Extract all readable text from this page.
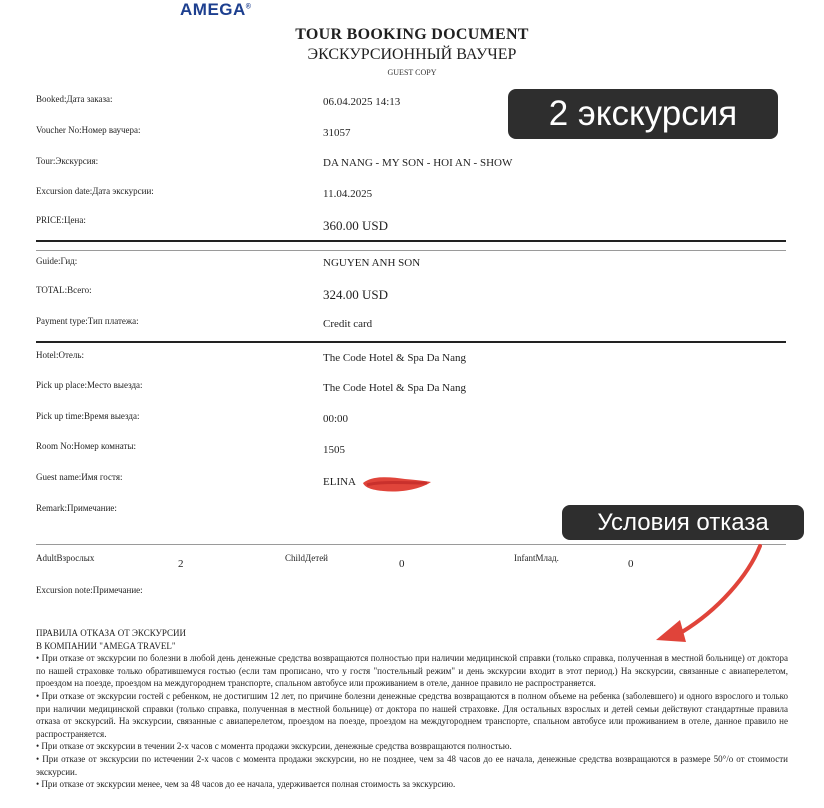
AMEGA®
TOUR BOOKING DOCUMENT
ЭКСКУРСИОННЫЙ ВАУЧЕР
GUEST COPY
Booked:Дата заказа:	06.04.2025 14:13
Voucher No:Номер ваучера:	31057
Tour:Экскурсия:	DA NANG - MY SON - HOI AN - SHOW
Excursion date:Дата экскурсии:	11.04.2025
PRICE:Цена:	360.00 USD
Guide:Гид:	NGUYEN ANH SON
TOTAL:Всего:	324.00 USD
Payment type:Тип платежа:	Credit card
Hotel:Отель:	The Code Hotel & Spa Da Nang
Pick up place:Место выезда:	The Code Hotel & Spa Da Nang
Pick up time:Время выезда:	00:00
Room No:Номер комнаты:	1505
Guest name:Имя гостя:	ELINA
Remark:Примечание:
AdultВзрослых	2	ChildДетей	0	InfantМлад.	0
Excursion note:Примечание:
ПРАВИЛА ОТКАЗА ОТ ЭКСКУРСИИ
В КОМПАНИИ "AMEGA TRAVEL"
• При отказе от экскурсии по болезни в любой день денежные средства возвращаются полностью при наличии медицинской справки (только справка, полученная в местной больнице) от доктора по нашей страховке только обратившемуся гостью (если там прописано, что у гостя "постельный режим" и день экскурсии входит в этот период.) На экскурсии, связанные с авиаперелетом, проездом на поезде, проездом на междугороднем транспорте, спальном автобусе или проживанием в отеле, данное правило не распространяется.
• При отказе от экскурсии гостей с ребенком, не достигшим 12 лет, по причине болезни денежные средства возвращаются в полном объеме на ребенка (заболевшего) и одного взрослого и только при наличии медицинской справки (только справка, полученная в местной больнице) от доктора по нашей страховке. Для остальных взрослых и детей семьи действуют стандартные правила отказа от экскурсий. На экскурсии, связанные с авиаперелетом, проездом на поезде, проездом на междугороднем транспорте, спальном автобусе или проживанием в отеле, данное правило не распространяется.
• При отказе от экскурсии в течении 2-х часов с момента продажи экскурсии, денежные средства возвращаются полностью.
• При отказе от экскурсии по истечении 2-х часов с момента продажи экскурсии, но не позднее, чем за 48 часов до ее начала, денежные средства возвращаются в размере 50°/о от стоимости экскурсии.
• При отказе от экскурсии менее, чем за 48 часов до ее начала, удерживается полная стоимость за экскурсию.
2 экскурсия
Условия отказа
